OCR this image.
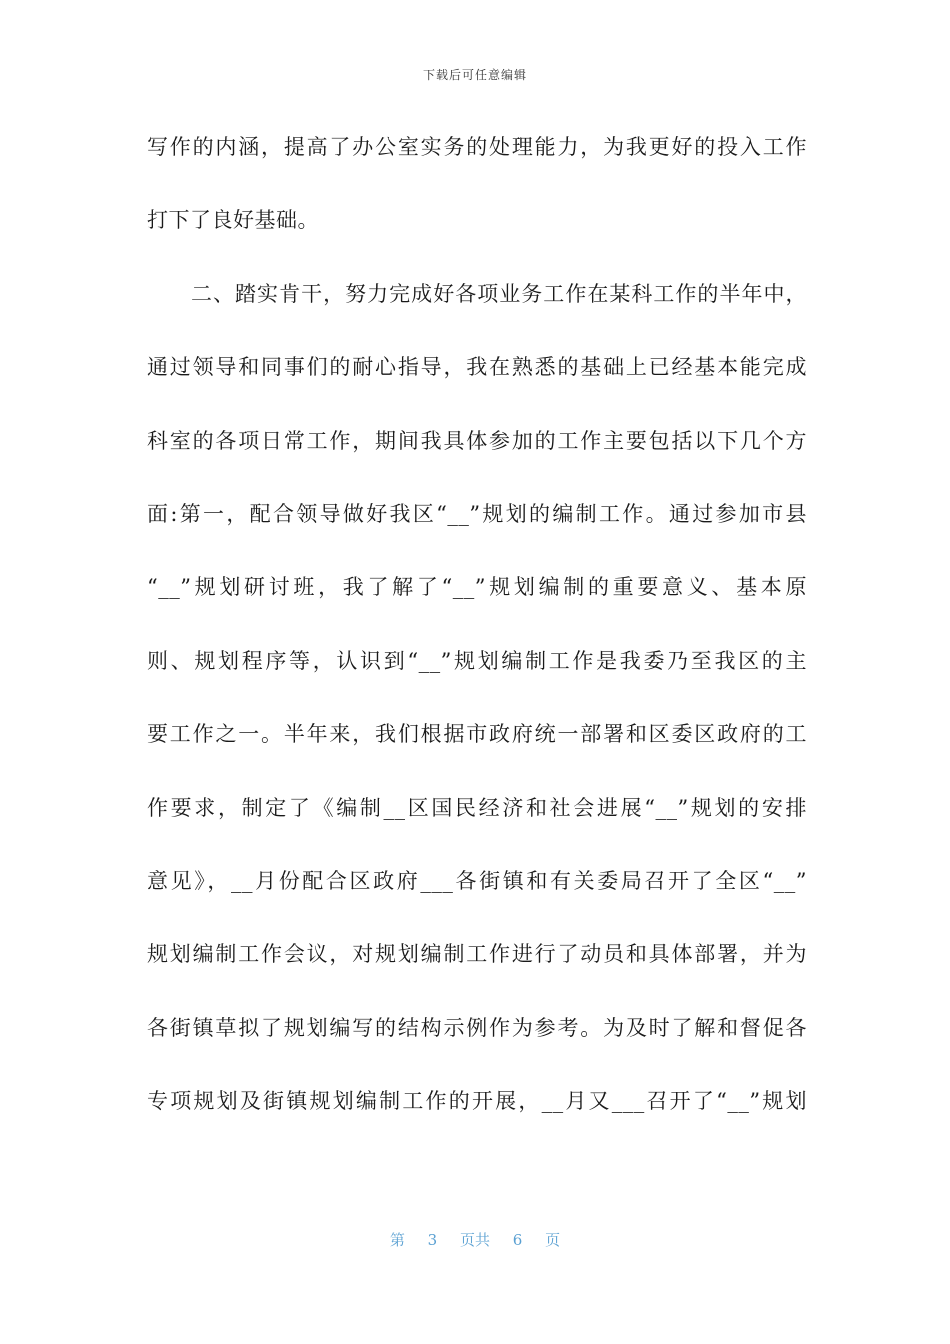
下载后可任意编辑
写作的内涵，提高了办公室实务的处理能力，为我更好的投入工作
打下了良好基础。
二、踏实肯干，努力完成好各项业务工作在某科工作的半年中，
通过领导和同事们的耐心指导，我在熟悉的基础上已经基本能完成
科室的各项日常工作，期间我具体参加的工作主要包括以下几个方
面:第一，配合领导做好我区“__”规划的编制工作。通过参加市县
“__”规划研讨班，我了解了“__”规划编制的重要意义、基本原
则、规划程序等，认识到“__”规划编制工作是我委乃至我区的主
要工作之一。半年来，我们根据市政府统一部署和区委区政府的工
作要求，制定了《编制__区国民经济和社会进展“__”规划的安排
意见》，__月份配合区政府___各街镇和有关委局召开了全区“__”
规划编制工作会议，对规划编制工作进行了动员和具体部署，并为
各街镇草拟了规划编写的结构示例作为参考。为及时了解和督促各
专项规划及街镇规划编制工作的开展，__月又___召开了“__”规划
第 3 页共 6 页
